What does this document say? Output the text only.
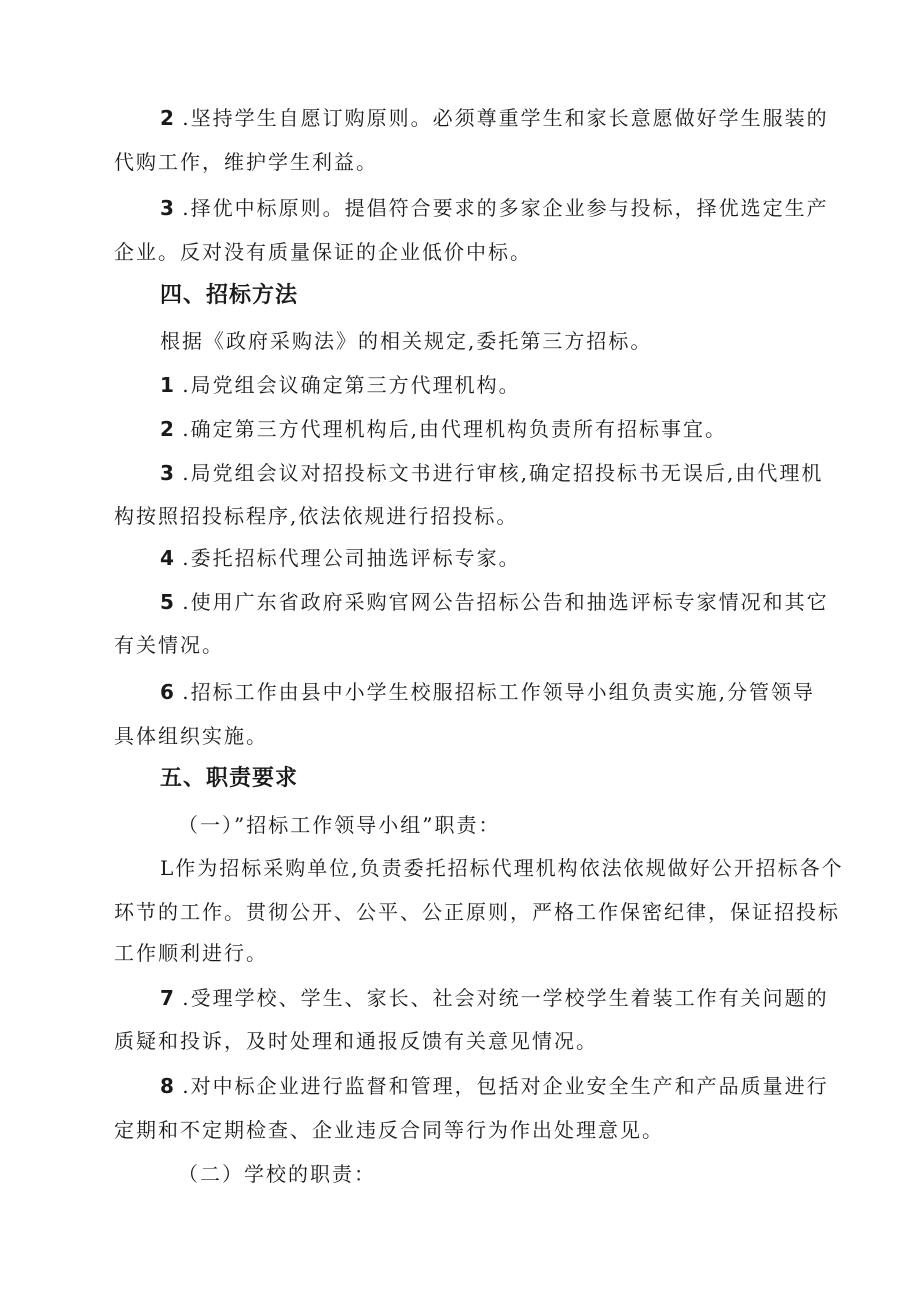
2 .坚持学生自愿订购原则。必须尊重学生和家长意愿做好学生服装的
代购工作，维护学生利益。
3 .择优中标原则。提倡符合要求的多家企业参与投标，择优选定生产
企业。反对没有质量保证的企业低价中标。
四、招标方法
根据《政府采购法》的相关规定,委托第三方招标。
1 .局党组会议确定第三方代理机构。
2 .确定第三方代理机构后,由代理机构负责所有招标事宜。
3 .局党组会议对招投标文书进行审核,确定招投标书无误后,由代理机
构按照招投标程序,依法依规进行招投标。
4 .委托招标代理公司抽选评标专家。
5 .使用广东省政府采购官网公告招标公告和抽选评标专家情况和其它
有关情况。
6 .招标工作由县中小学生校服招标工作领导小组负责实施,分管领导
具体组织实施。
五、职责要求
（一）”招标工作领导小组”职责：
L作为招标采购单位,负责委托招标代理机构依法依规做好公开招标各个
环节的工作。贯彻公开、公平、公正原则，严格工作保密纪律，保证招投标
工作顺利进行。
7 .受理学校、学生、家长、社会对统一学校学生着装工作有关问题的
质疑和投诉，及时处理和通报反馈有关意见情况。
8 .对中标企业进行监督和管理，包括对企业安全生产和产品质量进行
定期和不定期检查、企业违反合同等行为作出处理意见。
（二）学校的职责：
